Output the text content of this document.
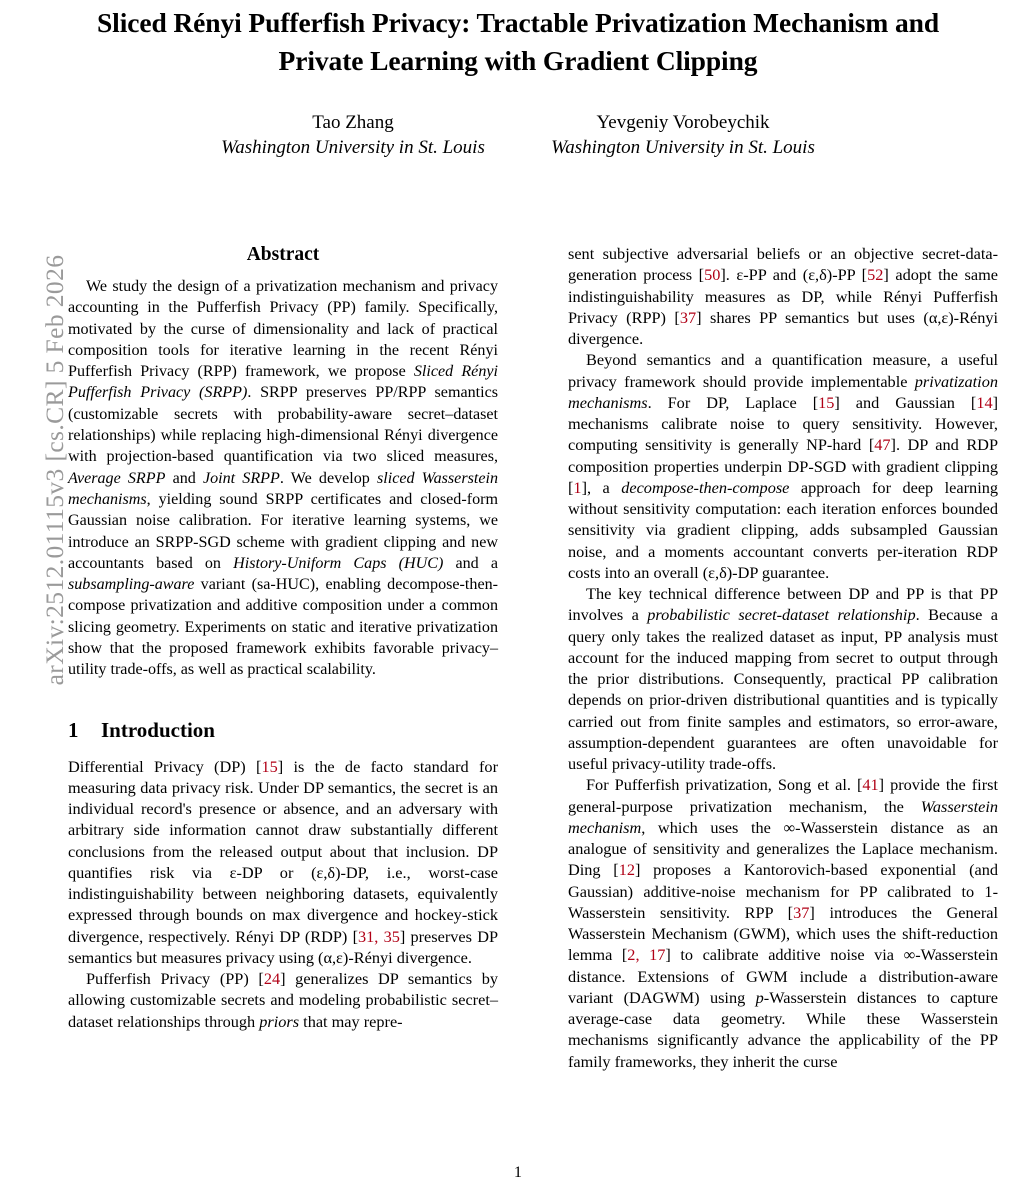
arXiv:2512.01115v3 [cs.CR] 5 Feb 2026
Sliced Rényi Pufferfish Privacy: Tractable Privatization Mechanism and Private Learning with Gradient Clipping
Tao Zhang
Washington University in St. Louis
Yevgeniy Vorobeychik
Washington University in St. Louis
Abstract

We study the design of a privatization mechanism and privacy accounting in the Pufferfish Privacy (PP) family. Specifically, motivated by the curse of dimensionality and lack of practical composition tools for iterative learning in the recent Rényi Pufferfish Privacy (RPP) framework, we propose Sliced Rényi Pufferfish Privacy (SRPP). SRPP preserves PP/RPP semantics (customizable secrets with probability-aware secret–dataset relationships) while replacing high-dimensional Rényi divergence with projection-based quantification via two sliced measures, Average SRPP and Joint SRPP. We develop sliced Wasserstein mechanisms, yielding sound SRPP certificates and closed-form Gaussian noise calibration. For iterative learning systems, we introduce an SRPP-SGD scheme with gradient clipping and new accountants based on History-Uniform Caps (HUC) and a subsampling-aware variant (sa-HUC), enabling decompose-then-compose privatization and additive composition under a common slicing geometry. Experiments on static and iterative privatization show that the proposed framework exhibits favorable privacy–utility trade-offs, as well as practical scalability.

1 Introduction

Differential Privacy (DP) [15] is the de facto standard for measuring data privacy risk. Under DP semantics, the secret is an individual record's presence or absence, and an adversary with arbitrary side information cannot draw substantially different conclusions from the released output about that inclusion. DP quantifies risk via ε-DP or (ε,δ)-DP, i.e., worst-case indistinguishability between neighboring datasets, equivalently expressed through bounds on max divergence and hockey-stick divergence, respectively. Rényi DP (RDP) [31, 35] preserves DP semantics but measures privacy using (α,ε)-Rényi divergence.

Pufferfish Privacy (PP) [24] generalizes DP semantics by allowing customizable secrets and modeling probabilistic secret–dataset relationships through priors that may repre-

sent subjective adversarial beliefs or an objective secret-data-generation process [50]. ε-PP and (ε,δ)-PP [52] adopt the same indistinguishability measures as DP, while Rényi Pufferfish Privacy (RPP) [37] shares PP semantics but uses (α,ε)-Rényi divergence.

Beyond semantics and a quantification measure, a useful privacy framework should provide implementable privatization mechanisms. For DP, Laplace [15] and Gaussian [14] mechanisms calibrate noise to query sensitivity. However, computing sensitivity is generally NP-hard [47]. DP and RDP composition properties underpin DP-SGD with gradient clipping [1], a decompose-then-compose approach for deep learning without sensitivity computation: each iteration enforces bounded sensitivity via gradient clipping, adds subsampled Gaussian noise, and a moments accountant converts per-iteration RDP costs into an overall (ε,δ)-DP guarantee.

The key technical difference between DP and PP is that PP involves a probabilistic secret-dataset relationship. Because a query only takes the realized dataset as input, PP analysis must account for the induced mapping from secret to output through the prior distributions. Consequently, practical PP calibration depends on prior-driven distributional quantities and is typically carried out from finite samples and estimators, so error-aware, assumption-dependent guarantees are often unavoidable for useful privacy-utility trade-offs.

For Pufferfish privatization, Song et al. [41] provide the first general-purpose privatization mechanism, the Wasserstein mechanism, which uses the ∞-Wasserstein distance as an analogue of sensitivity and generalizes the Laplace mechanism. Ding [12] proposes a Kantorovich-based exponential (and Gaussian) additive-noise mechanism for PP calibrated to 1-Wasserstein sensitivity. RPP [37] introduces the General Wasserstein Mechanism (GWM), which uses the shift-reduction lemma [2, 17] to calibrate additive noise via ∞-Wasserstein distance. Extensions of GWM include a distribution-aware variant (DAGWM) using p-Wasserstein distances to capture average-case data geometry. While these Wasserstein mechanisms significantly advance the applicability of the PP family frameworks, they inherit the curse

1
